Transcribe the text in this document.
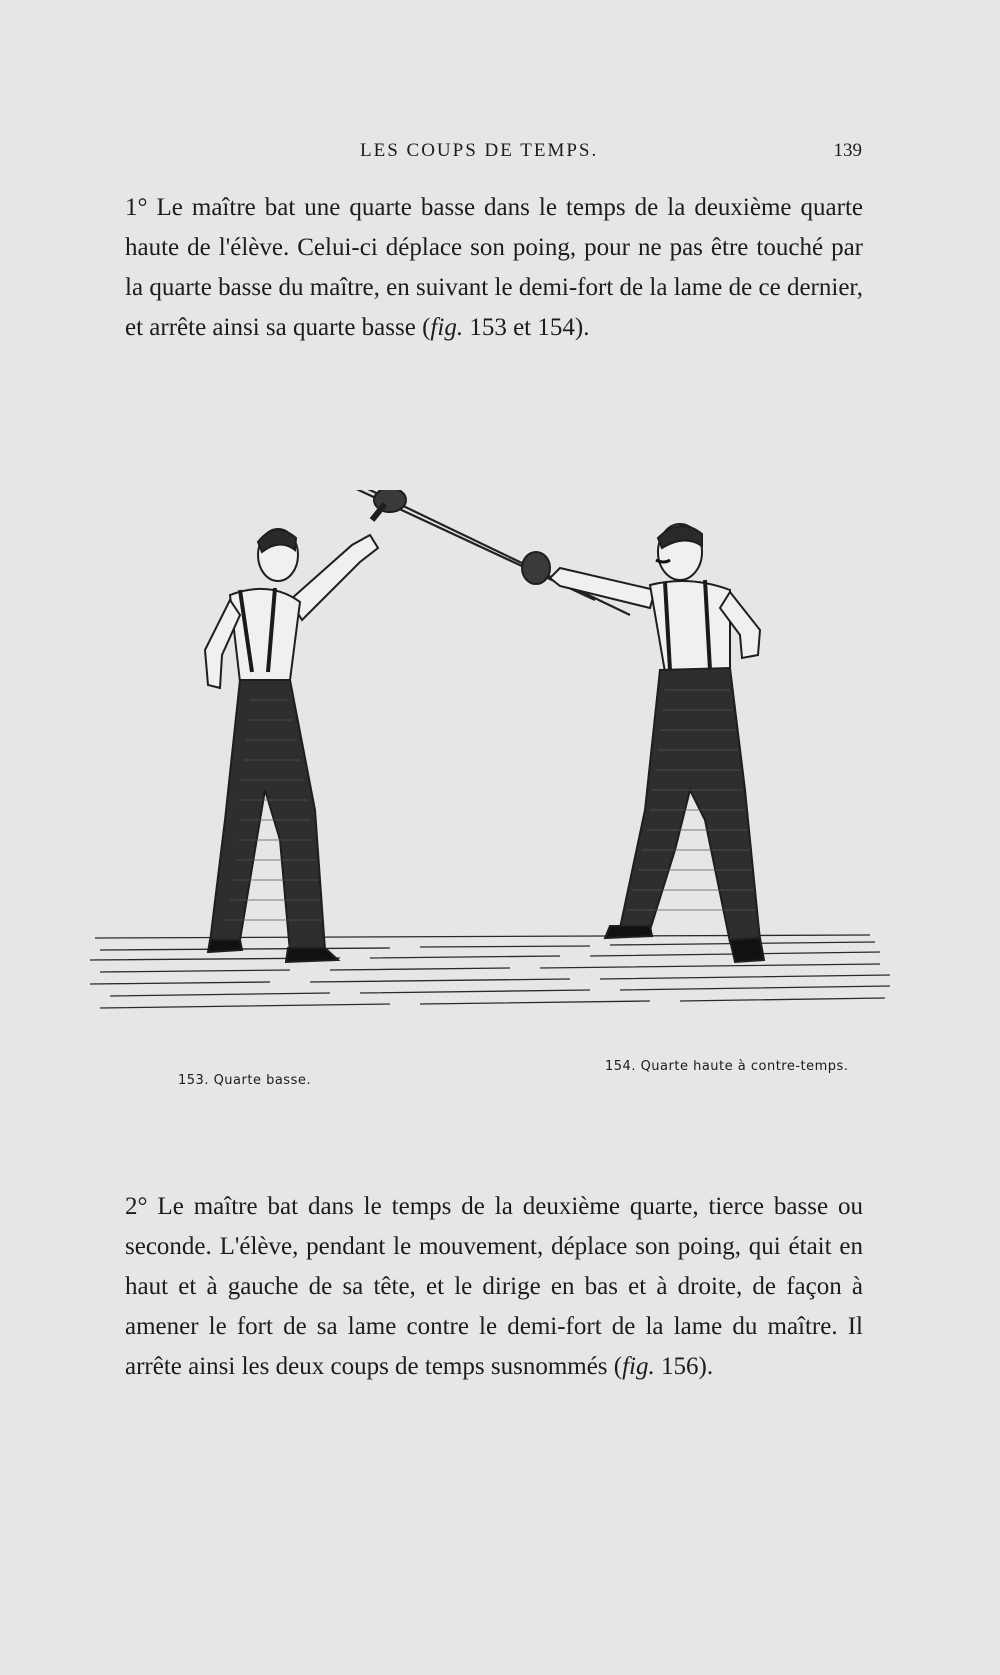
LES COUPS DE TEMPS.	139

1° Le maître bat une quarte basse dans le temps de la deuxième quarte haute de l'élève. Celui-ci déplace son poing, pour ne pas être touché par la quarte basse du maître, en suivant le demi-fort de la lame de ce dernier, et arrête ainsi sa quarte basse (fig. 153 et 154).

153. Quarte basse.
154. Quarte haute à contre-temps.

2° Le maître bat dans le temps de la deuxième quarte, tierce basse ou seconde. L'élève, pendant le mouvement, déplace son poing, qui était en haut et à gauche de sa tête, et le dirige en bas et à droite, de façon à amener le fort de sa lame contre le demi-fort de la lame du maître. Il arrête ainsi les deux coups de temps susnommés (fig. 156).
